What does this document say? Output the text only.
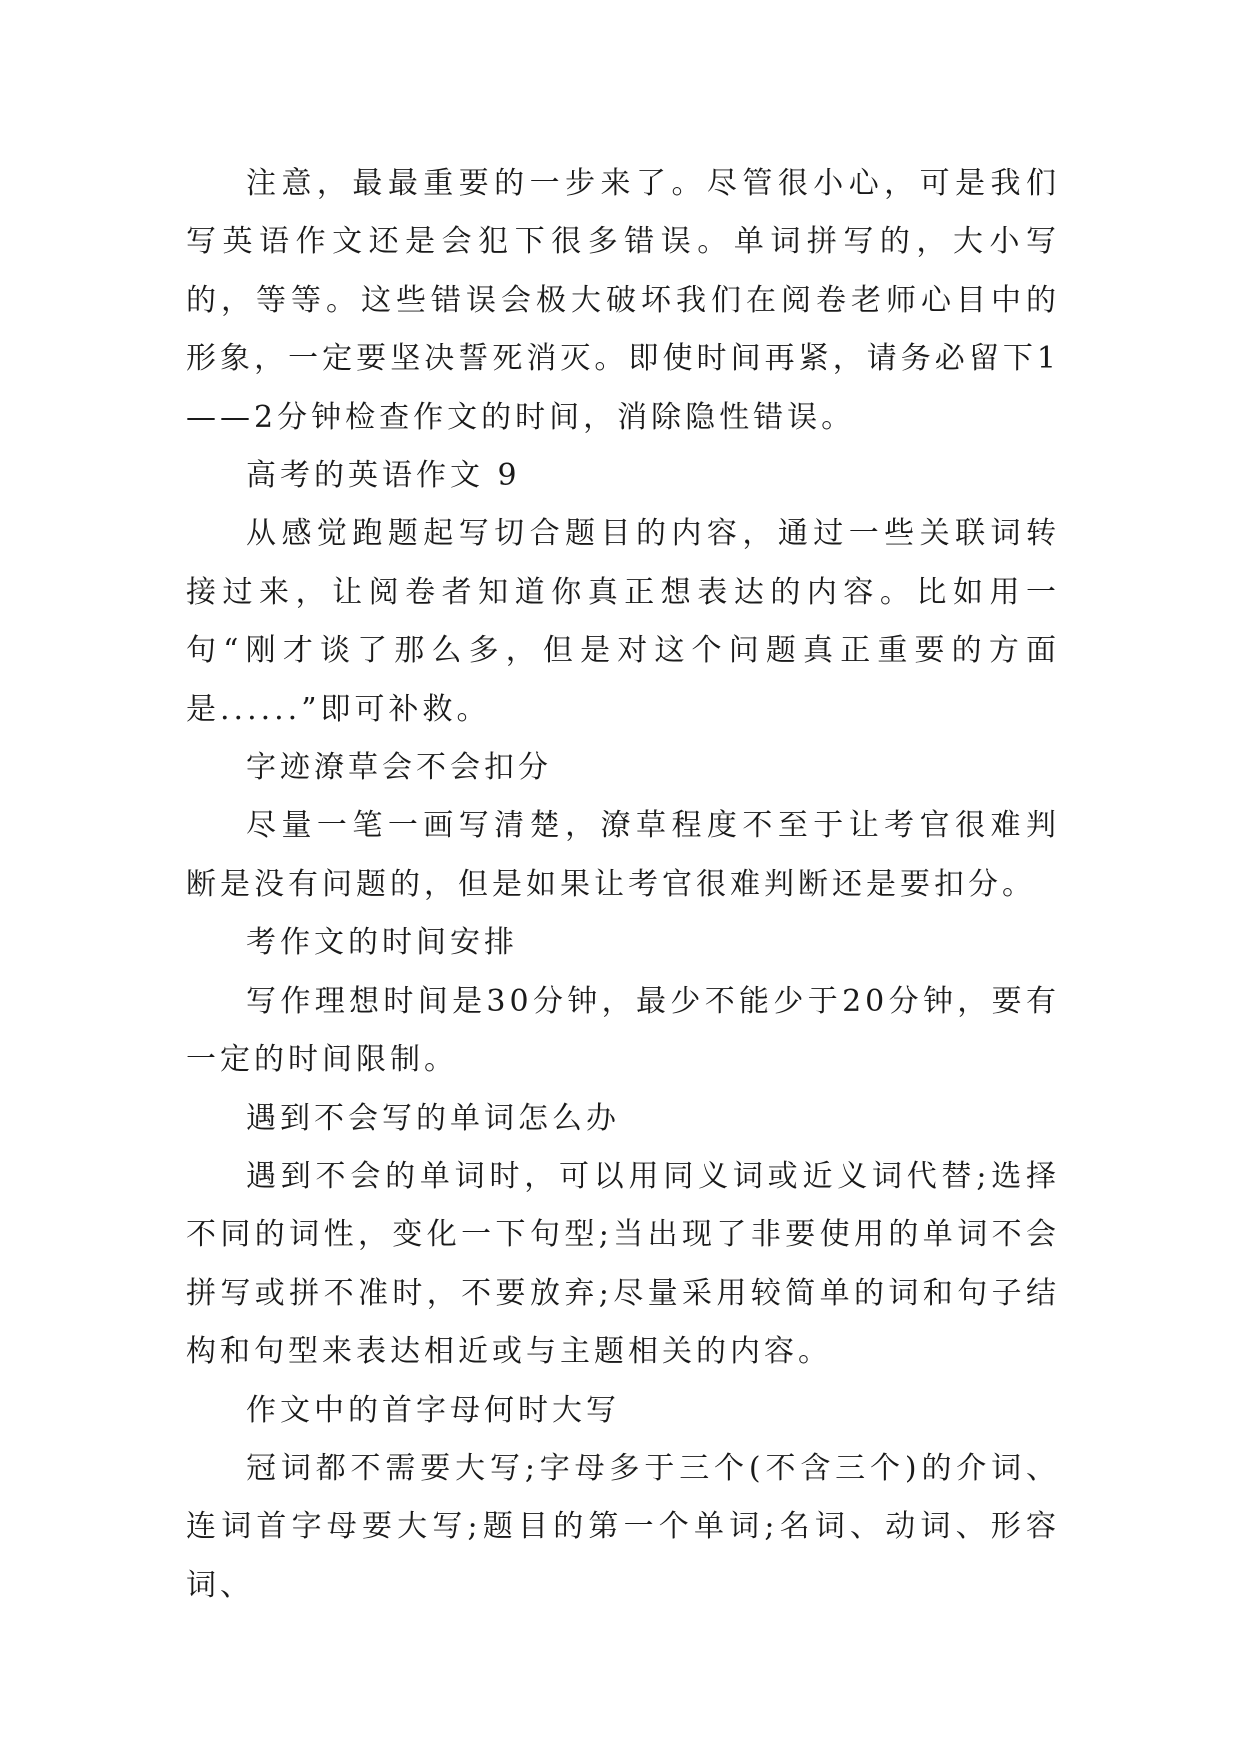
注意，最最重要的一步来了。尽管很小心，可是我们写英语作文还是会犯下很多错误。单词拼写的，大小写的，等等。这些错误会极大破坏我们在阅卷老师心目中的形象，一定要坚决誓死消灭。即使时间再紧，请务必留下1——2分钟检查作文的时间，消除隐性错误。

高考的英语作文 9

从感觉跑题起写切合题目的内容，通过一些关联词转接过来，让阅卷者知道你真正想表达的内容。比如用一句“刚才谈了那么多，但是对这个问题真正重要的方面是......”即可补救。

字迹潦草会不会扣分

尽量一笔一画写清楚，潦草程度不至于让考官很难判断是没有问题的，但是如果让考官很难判断还是要扣分。

考作文的时间安排

写作理想时间是30分钟，最少不能少于20分钟，要有一定的时间限制。

遇到不会写的单词怎么办

遇到不会的单词时，可以用同义词或近义词代替;选择不同的词性，变化一下句型;当出现了非要使用的单词不会拼写或拼不准时，不要放弃;尽量采用较简单的词和句子结构和句型来表达相近或与主题相关的内容。

作文中的首字母何时大写

冠词都不需要大写;字母多于三个(不含三个)的介词、连词首字母要大写;题目的第一个单词;名词、动词、形容词、
